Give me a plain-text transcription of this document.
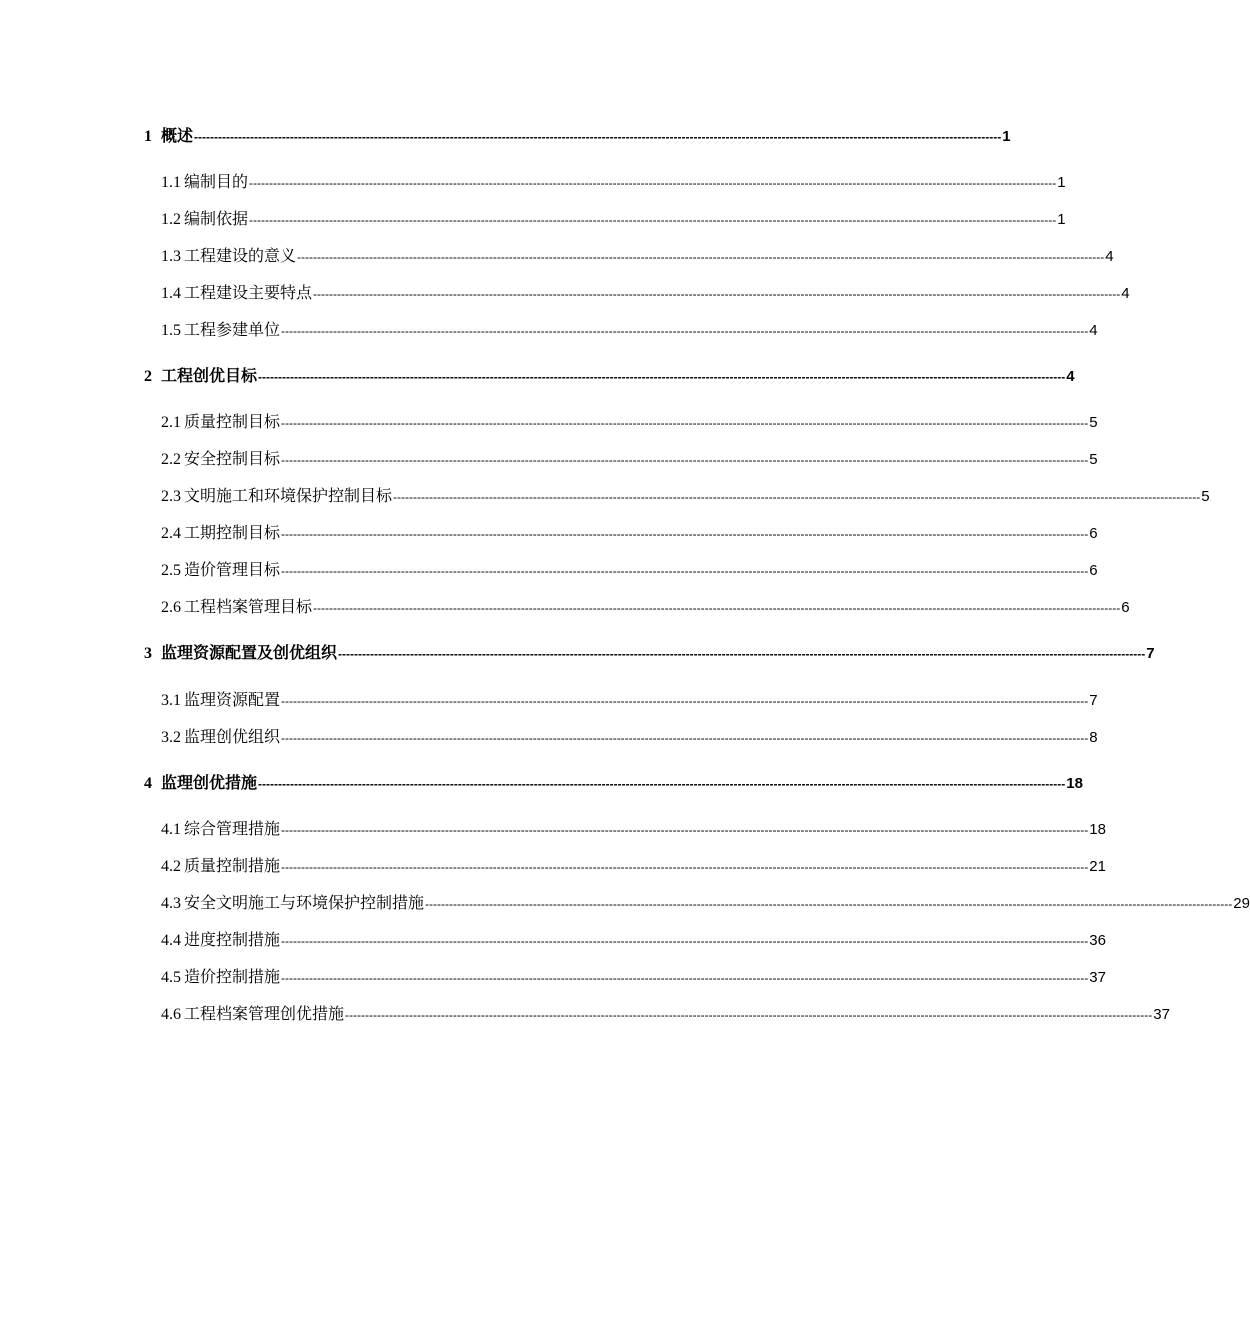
1 概述 ---------------------------------------------------------------------------------------------------------------------------------------------------------------------------------------------------------- 1
1.1 编制目的 ---------------------------------------------------------------------------------------------------------------------------------------------------------------------------------------------------------- 1
1.2 编制依据 ---------------------------------------------------------------------------------------------------------------------------------------------------------------------------------------------------------- 1
1.3 工程建设的意义 ---------------------------------------------------------------------------------------------------------------------------------------------------------------------------------------------------------- 4
1.4 工程建设主要特点 ---------------------------------------------------------------------------------------------------------------------------------------------------------------------------------------------------------- 4
1.5 工程参建单位 ---------------------------------------------------------------------------------------------------------------------------------------------------------------------------------------------------------- 4
2 工程创优目标 ---------------------------------------------------------------------------------------------------------------------------------------------------------------------------------------------------------- 4
2.1 质量控制目标 ---------------------------------------------------------------------------------------------------------------------------------------------------------------------------------------------------------- 5
2.2 安全控制目标 ---------------------------------------------------------------------------------------------------------------------------------------------------------------------------------------------------------- 5
2.3 文明施工和环境保护控制目标 ---------------------------------------------------------------------------------------------------------------------------------------------------------------------------------------------------------- 5
2.4 工期控制目标 ---------------------------------------------------------------------------------------------------------------------------------------------------------------------------------------------------------- 6
2.5 造价管理目标 ---------------------------------------------------------------------------------------------------------------------------------------------------------------------------------------------------------- 6
2.6 工程档案管理目标 ---------------------------------------------------------------------------------------------------------------------------------------------------------------------------------------------------------- 6
3 监理资源配置及创优组织 ---------------------------------------------------------------------------------------------------------------------------------------------------------------------------------------------------------- 7
3.1 监理资源配置 ---------------------------------------------------------------------------------------------------------------------------------------------------------------------------------------------------------- 7
3.2 监理创优组织 ---------------------------------------------------------------------------------------------------------------------------------------------------------------------------------------------------------- 8
4 监理创优措施 ---------------------------------------------------------------------------------------------------------------------------------------------------------------------------------------------------------- 18
4.1 综合管理措施 ---------------------------------------------------------------------------------------------------------------------------------------------------------------------------------------------------------- 18
4.2 质量控制措施 ---------------------------------------------------------------------------------------------------------------------------------------------------------------------------------------------------------- 21
4.3 安全文明施工与环境保护控制措施 ---------------------------------------------------------------------------------------------------------------------------------------------------------------------------------------------------------- 29
4.4 进度控制措施 ---------------------------------------------------------------------------------------------------------------------------------------------------------------------------------------------------------- 36
4.5 造价控制措施 ---------------------------------------------------------------------------------------------------------------------------------------------------------------------------------------------------------- 37
4.6 工程档案管理创优措施 ---------------------------------------------------------------------------------------------------------------------------------------------------------------------------------------------------------- 37
